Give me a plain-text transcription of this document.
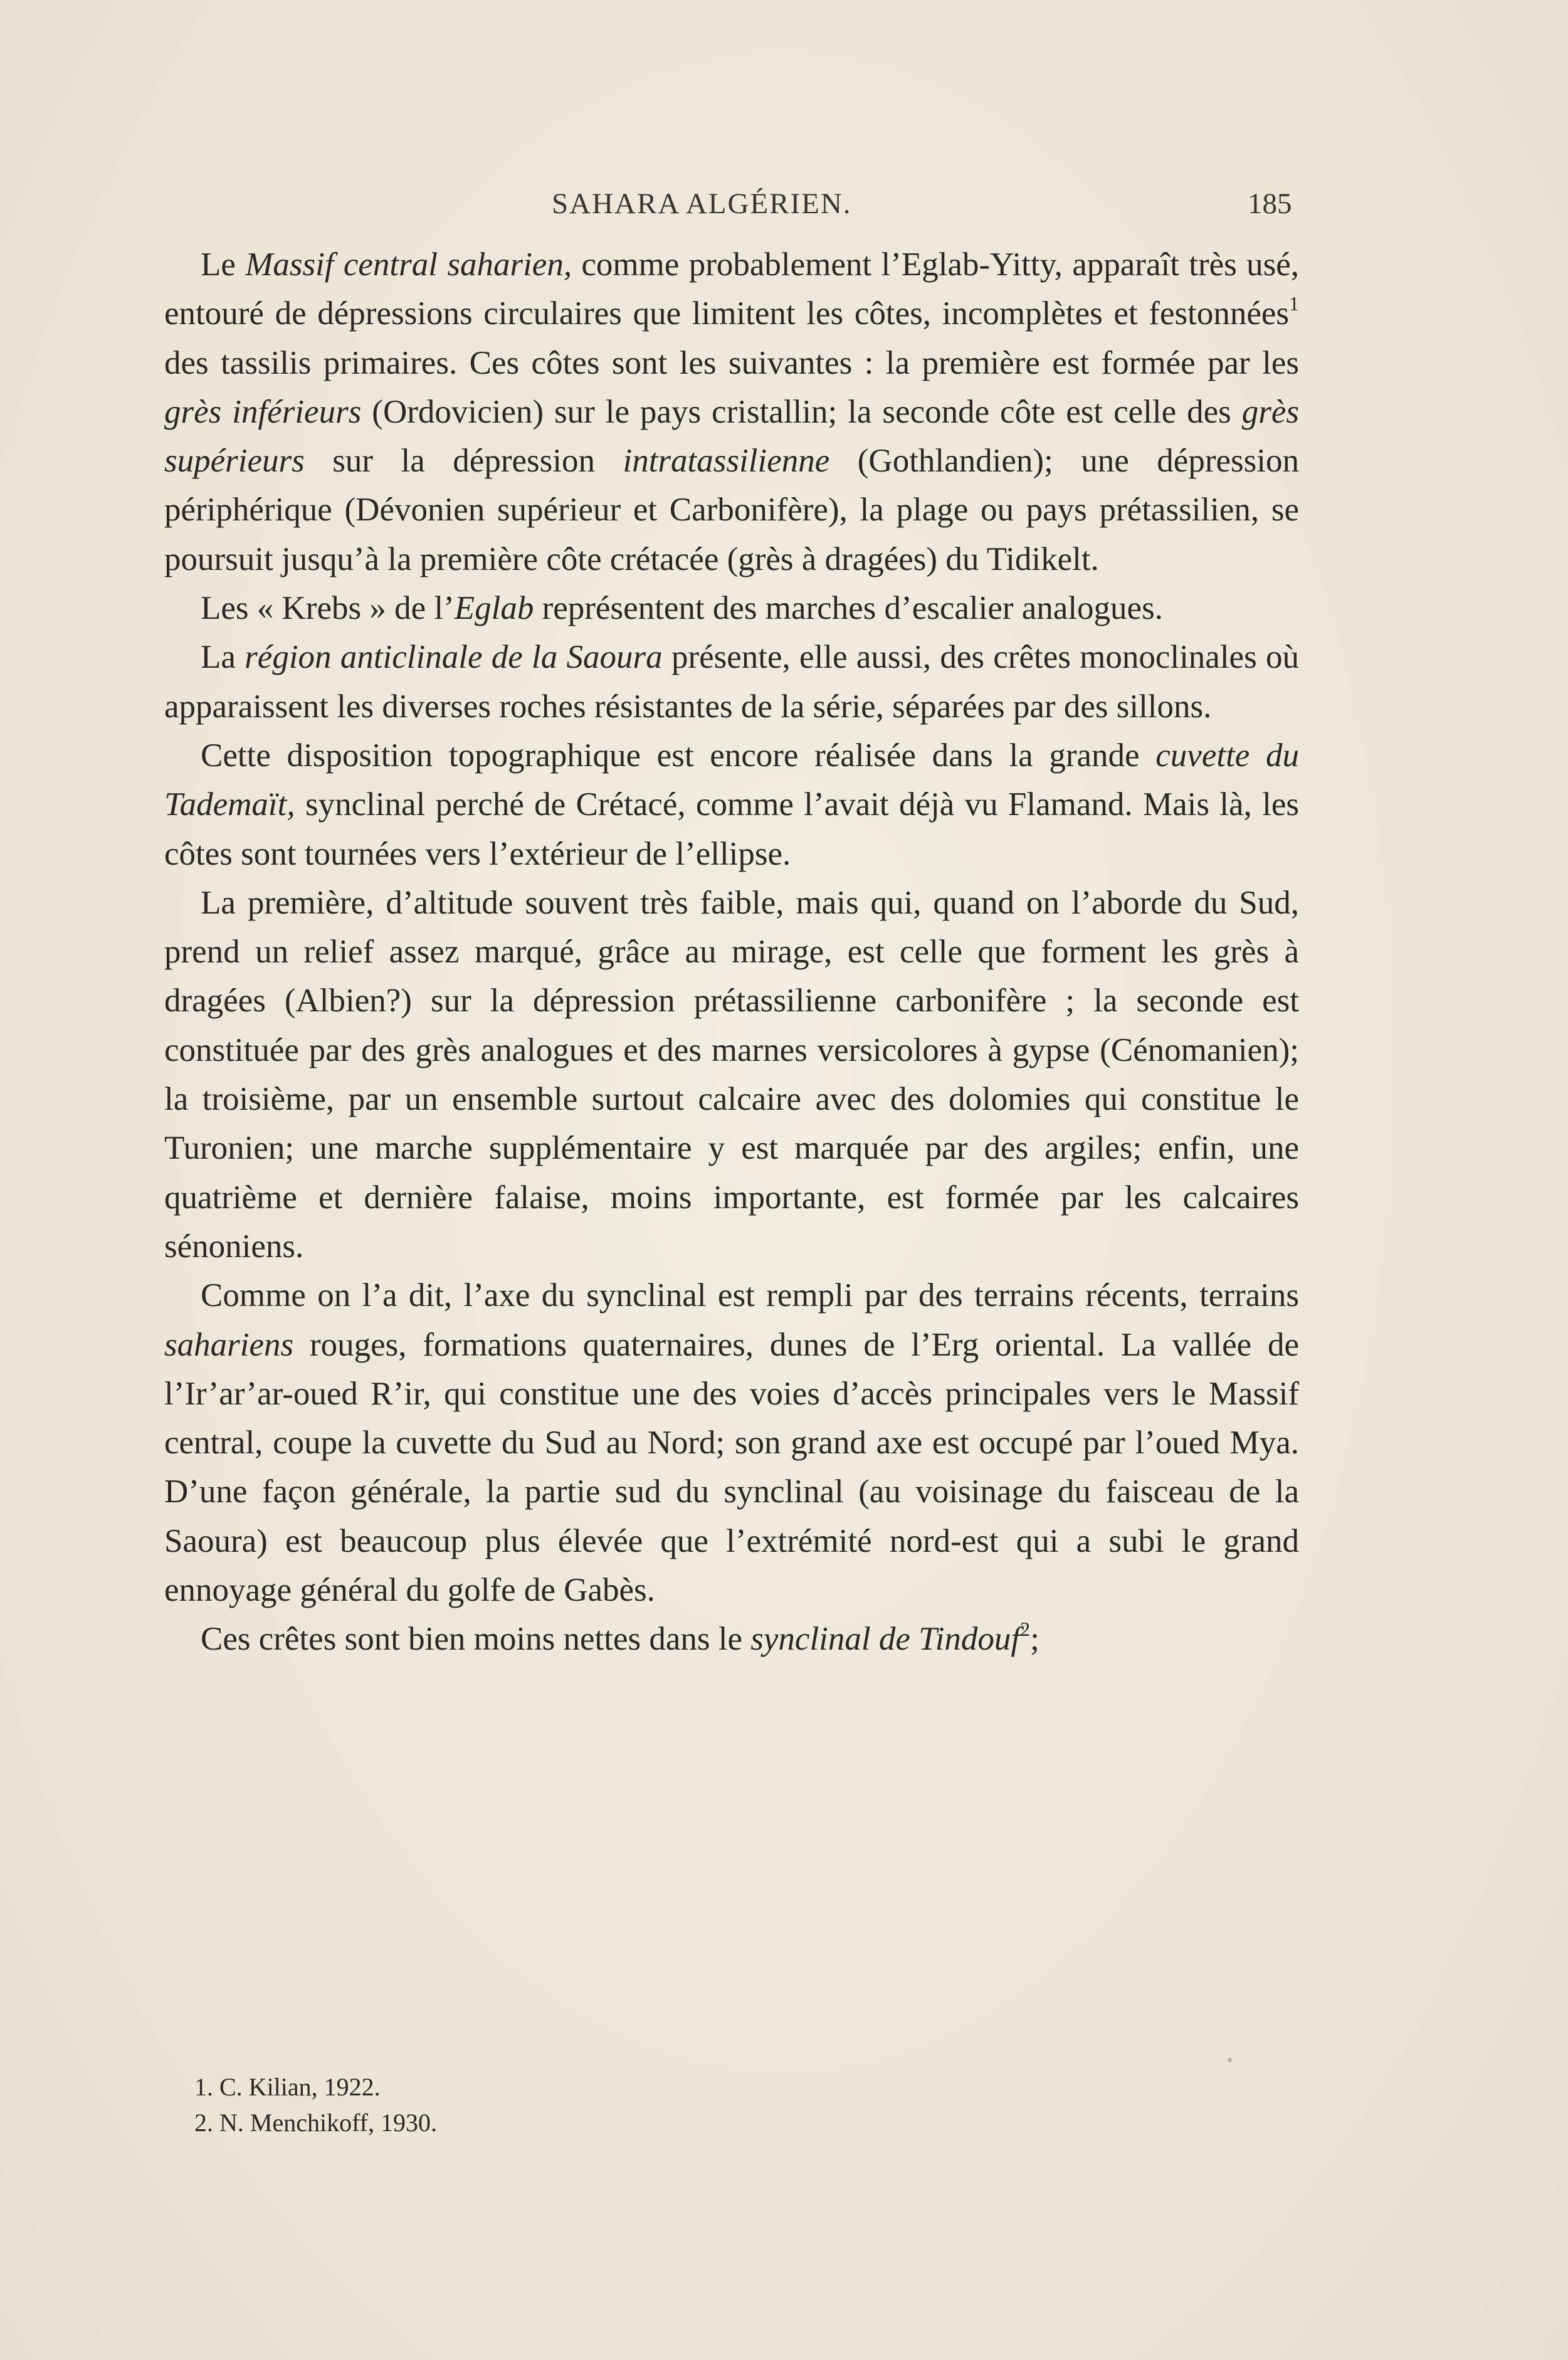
SAHARA ALGÉRIEN.	185

Le Massif central saharien, comme probablement l’Eglab-Yitty, apparaît très usé, entouré de dépressions circulaires que limitent les côtes, incomplètes et festonnées$^1$ des tassilis primaires. Ces côtes sont les suivantes : la première est formée par les grès inférieurs (Ordovicien) sur le pays cristallin; la seconde côte est celle des grès supérieurs sur la dépression intratassilienne (Gothlandien); une dépression périphérique (Dévonien supérieur et Carbonifère), la plage ou pays prétassilien, se poursuit jusqu’à la première côte crétacée (grès à dragées) du Tidikelt.

Les « Krebs » de l’Eglab représentent des marches d’escalier analogues.

La région anticlinale de la Saoura présente, elle aussi, des crêtes monoclinales où apparaissent les diverses roches résistantes de la série, séparées par des sillons.

Cette disposition topographique est encore réalisée dans la grande cuvette du Tademaït, synclinal perché de Crétacé, comme l’avait déjà vu Flamand. Mais là, les côtes sont tournées vers l’extérieur de l’ellipse.

La première, d’altitude souvent très faible, mais qui, quand on l’aborde du Sud, prend un relief assez marqué, grâce au mirage, est celle que forment les grès à dragées (Albien?) sur la dépression prétassilienne carbonifère ; la seconde est constituée par des grès analogues et des marnes versicolores à gypse (Cénomanien); la troisième, par un ensemble surtout calcaire avec des dolomies qui constitue le Turonien; une marche supplémentaire y est marquée par des argiles; enfin, une quatrième et dernière falaise, moins importante, est formée par les calcaires sénoniens.

Comme on l’a dit, l’axe du synclinal est rempli par des terrains récents, terrains sahariens rouges, formations quaternaires, dunes de l’Erg oriental. La vallée de l’Ir’ar’ar-oued R’ir, qui constitue une des voies d’accès principales vers le Massif central, coupe la cuvette du Sud au Nord; son grand axe est occupé par l’oued Mya. D’une façon générale, la partie sud du synclinal (au voisinage du faisceau de la Saoura) est beaucoup plus élevée que l’extrémité nord-est qui a subi le grand ennoyage général du golfe de Gabès.

Ces crêtes sont bien moins nettes dans le synclinal de Tindouf$^2$;

1. C. Kilian, 1922.
2. N. Menchikoff, 1930.
